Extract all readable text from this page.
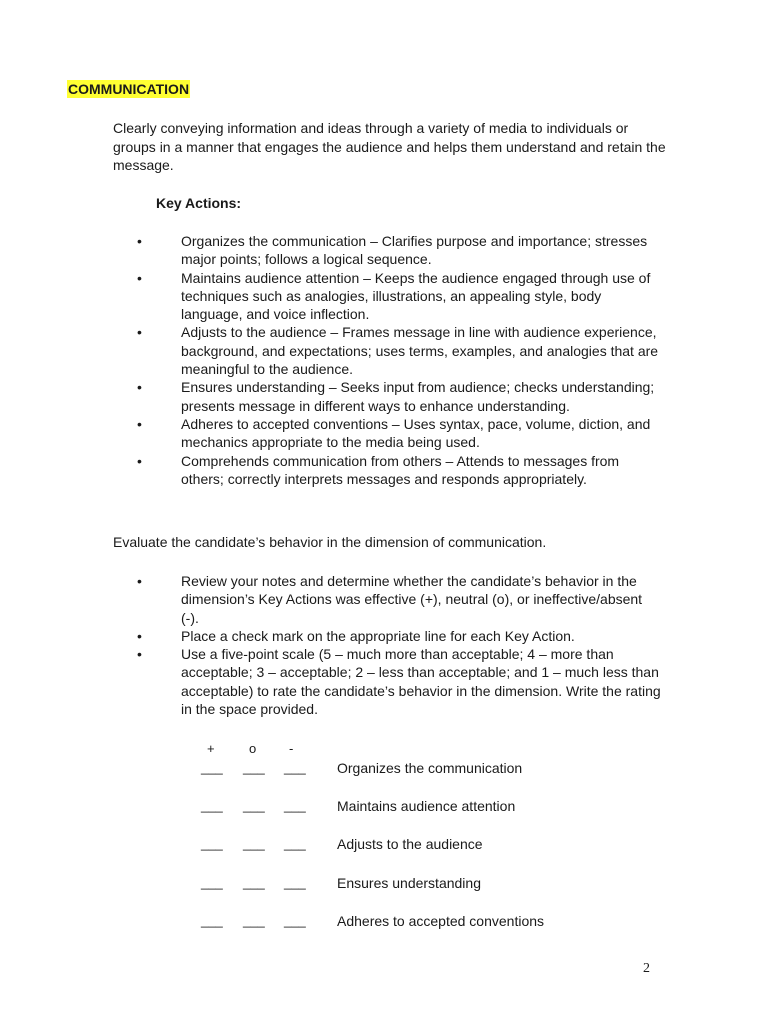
COMMUNICATION
Clearly conveying information and ideas through a variety of media to individuals or groups in a manner that engages the audience and helps them understand and retain the message.
Key Actions:
•	Organizes the communication – Clarifies purpose and importance; stresses major points; follows a logical sequence.
•	Maintains audience attention – Keeps the audience engaged through use of techniques such as analogies, illustrations, an appealing style, body language, and voice inflection.
•	Adjusts to the audience – Frames message in line with audience experience, background, and expectations; uses terms, examples, and analogies that are meaningful to the audience.
•	Ensures understanding – Seeks input from audience; checks understanding; presents message in different ways to enhance understanding.
•	Adheres to accepted conventions – Uses syntax, pace, volume, diction, and mechanics appropriate to the media being used.
•	Comprehends communication from others – Attends to messages from others; correctly interprets messages and responds appropriately.
Evaluate the candidate’s behavior in the dimension of communication.
•	Review your notes and determine whether the candidate’s behavior in the dimension’s Key Actions was effective (+), neutral (o), or ineffective/absent (-).
•	Place a check mark on the appropriate line for each Key Action.
•	Use a five-point scale (5 – much more than acceptable; 4 – more than acceptable; 3 – acceptable; 2 – less than acceptable; and 1 – much less than acceptable) to rate the candidate’s behavior in the dimension. Write the rating in the space provided.
+	o	-
___ ___ ___ Organizes the communication
___ ___ ___ Maintains audience attention
___ ___ ___ Adjusts to the audience
___ ___ ___ Ensures understanding
___ ___ ___ Adheres to accepted conventions
2
